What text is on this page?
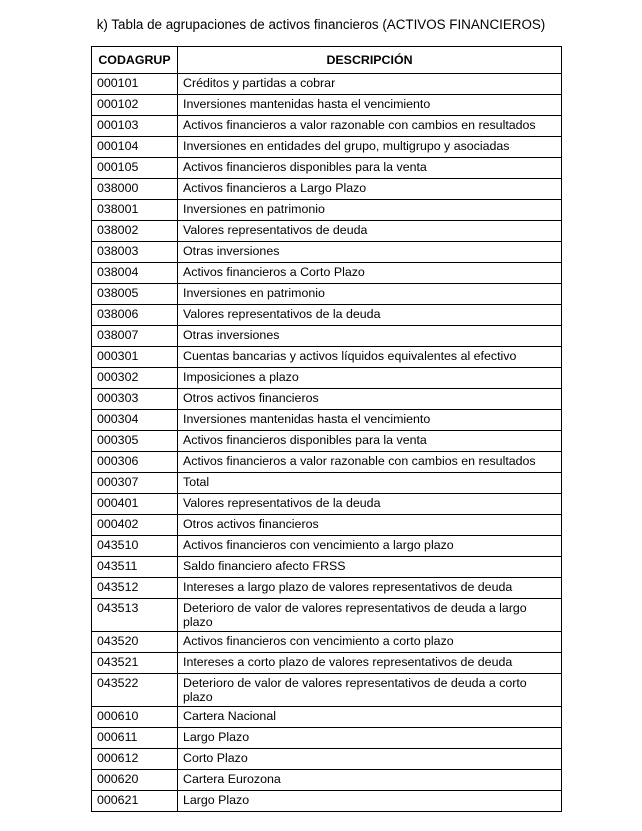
k) Tabla de agrupaciones de activos financieros (ACTIVOS FINANCIEROS)
CODAGRUP	DESCRIPCIÓN
000101	Créditos y partidas a cobrar
000102	Inversiones mantenidas hasta el vencimiento
000103	Activos financieros a valor razonable con cambios en resultados
000104	Inversiones en entidades del grupo, multigrupo y asociadas
000105	Activos financieros disponibles para la venta
038000	Activos financieros a Largo Plazo
038001	Inversiones en patrimonio
038002	Valores representativos de deuda
038003	Otras inversiones
038004	Activos financieros a Corto Plazo
038005	Inversiones en patrimonio
038006	Valores representativos de la deuda
038007	Otras inversiones
000301	Cuentas bancarias y activos líquidos equivalentes al efectivo
000302	Imposiciones a plazo
000303	Otros activos financieros
000304	Inversiones mantenidas hasta el vencimiento
000305	Activos financieros disponibles para la venta
000306	Activos financieros a valor razonable con cambios en resultados
000307	Total
000401	Valores representativos de la deuda
000402	Otros activos financieros
043510	Activos financieros con vencimiento a largo plazo
043511	Saldo financiero afecto FRSS
043512	Intereses a largo plazo de valores representativos de deuda
043513	Deterioro de valor de valores representativos de deuda a largo plazo
043520	Activos financieros con vencimiento a corto plazo
043521	Intereses a corto plazo de valores representativos de deuda
043522	Deterioro de valor de valores representativos de deuda a corto plazo
000610	Cartera Nacional
000611	Largo Plazo
000612	Corto Plazo
000620	Cartera Eurozona
000621	Largo Plazo
